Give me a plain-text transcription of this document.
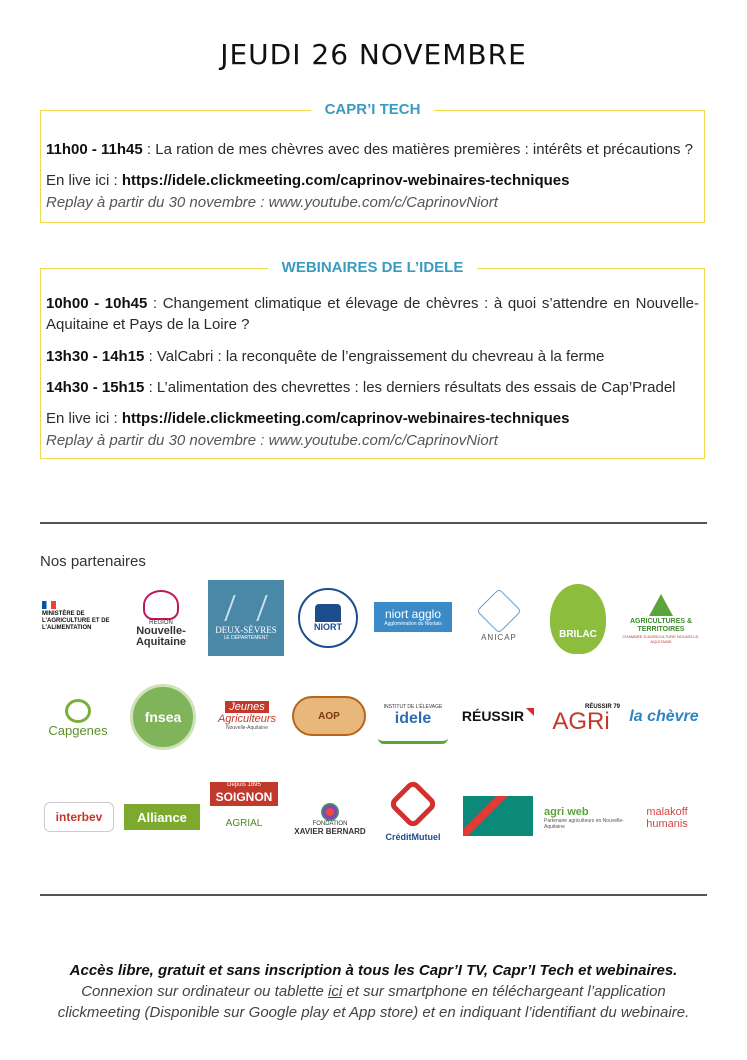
JEUDI 26 NOVEMBRE
CAPR’I TECH
11h00 - 11h45 : La ration de mes chèvres avec des matières premières : intérêts et précautions ?
En live ici : https://idele.clickmeeting.com/caprinov-webinaires-techniques
Replay à partir du 30 novembre : www.youtube.com/c/CaprinovNiort
WEBINAIRES DE L’IDELE
10h00 - 10h45 : Changement climatique et élevage de chèvres : à quoi s’attendre en Nouvelle-Aquitaine et Pays de la Loire ?
13h30 - 14h15 : ValCabri : la reconquête de l’engraissement du chevreau à la ferme
14h30 - 15h15 : L’alimentation des chevrettes : les derniers résultats des essais de Cap’Pradel
En live ici : https://idele.clickmeeting.com/caprinov-webinaires-techniques
Replay à partir du 30 novembre : www.youtube.com/c/CaprinovNiort
Nos partenaires
MINISTÈRE DE L’AGRICULTURE ET DE L’ALIMENTATION
RÉGION
Nouvelle-Aquitaine
DEUX-SÈVRES
LE DÉPARTEMENT
NIORT
niort agglo
Agglomération du Niortais
ANICAP	BRILAC
AGRICULTURES & TERRITOIRES
CHAMBRE D’AGRICULTURE NOUVELLE-AQUITAINE
Capgenes
fnsea
Jeunes
Agriculteurs
Nouvelle-Aquitaine
AOP
INSTITUT DE L’ÉLEVAGE
idele RÉUSSIR
RÉUSSIR 79
AGRi la chèvre
interbev	Alliance
Depuis 1895
SOIGNON
AGRIAL	FONDATION
XAVIER BERNARD
CréditMutuel
agri web
Partenaire agriculteurs en Nouvelle-Aquitaine
malakoff
humanis
Accès libre, gratuit et sans inscription à tous les Capr’I TV, Capr’I Tech et webinaires.
Connexion sur ordinateur ou tablette ici et sur smartphone en téléchargeant l’application
clickmeeting (Disponible sur Google play et App store) et en indiquant l’identifiant du webinaire.
